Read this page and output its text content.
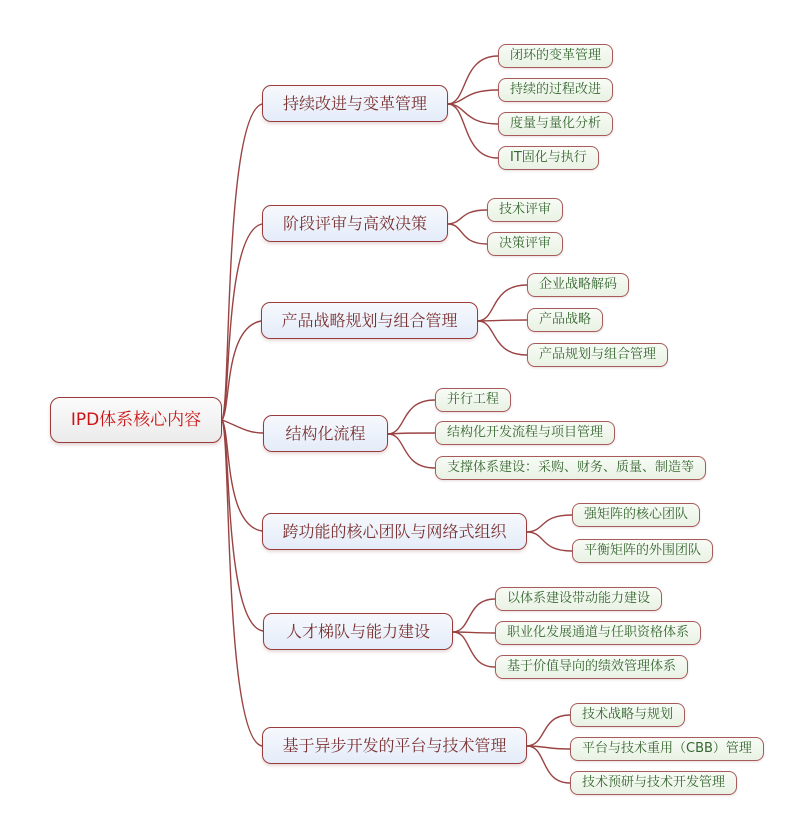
IPD体系核心内容
持续改进与变革管理
阶段评审与高效决策
产品战略规划与组合管理
结构化流程
跨功能的核心团队与网络式组织
人才梯队与能力建设
基于异步开发的平台与技术管理
闭环的变革管理
持续的过程改进
度量与量化分析
IT固化与执行
技术评审
决策评审
企业战略解码
产品战略
产品规划与组合管理
并行工程
结构化开发流程与项目管理
支撑体系建设：采购、财务、质量、制造等
强矩阵的核心团队
平衡矩阵的外围团队
以体系建设带动能力建设
职业化发展通道与任职资格体系
基于价值导向的绩效管理体系
技术战略与规划
平台与技术重用（CBB）管理
技术预研与技术开发管理
